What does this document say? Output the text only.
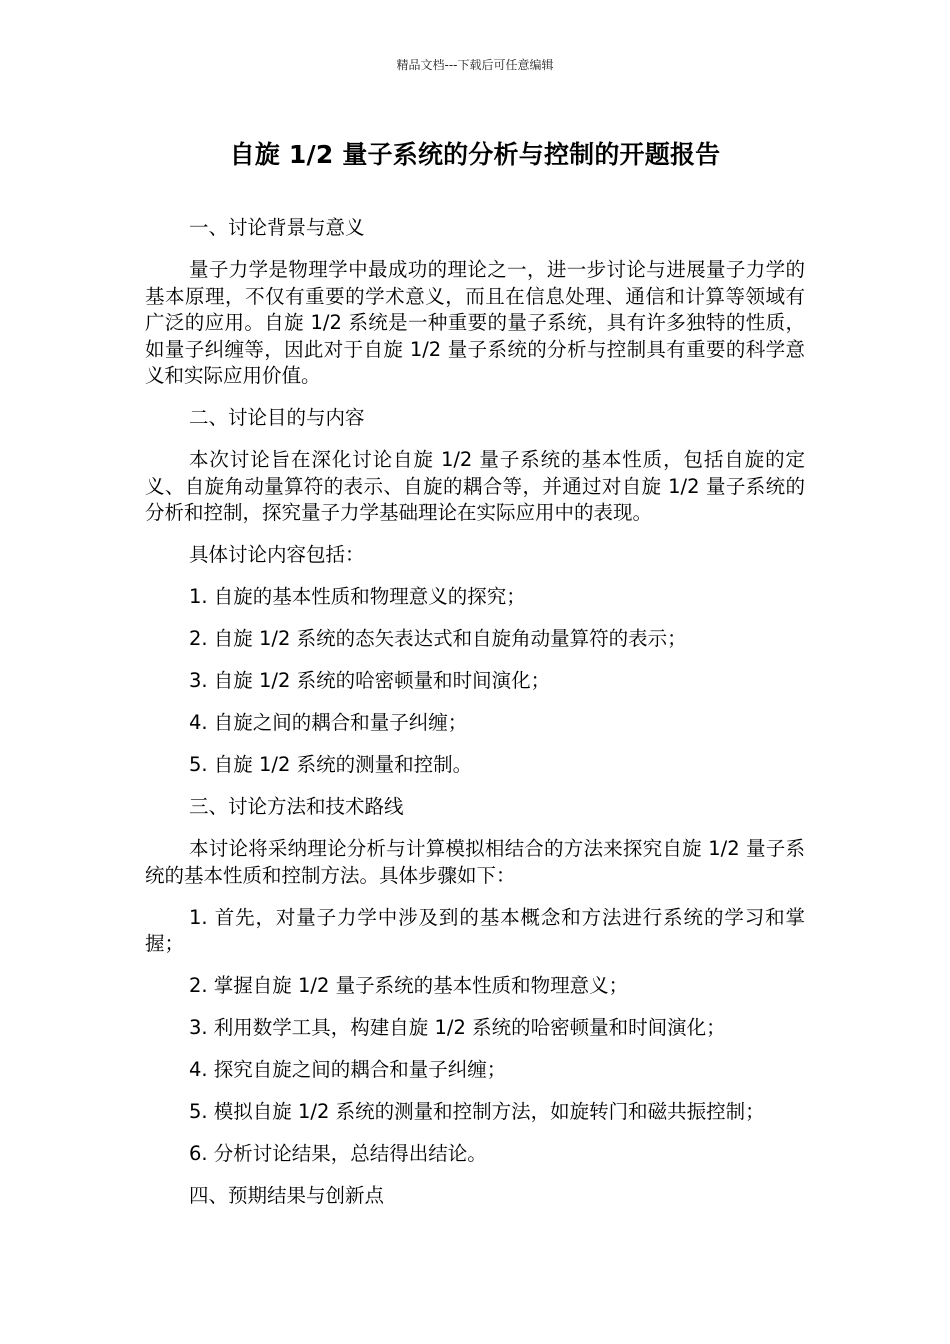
精品文档---下载后可任意编辑
自旋 1/2 量子系统的分析与控制的开题报告

一、讨论背景与意义

量子力学是物理学中最成功的理论之一，进一步讨论与进展量子力学的基本原理，不仅有重要的学术意义，而且在信息处理、通信和计算等领域有广泛的应用。自旋 1/2 系统是一种重要的量子系统，具有许多独特的性质，如量子纠缠等，因此对于自旋 1/2 量子系统的分析与控制具有重要的科学意义和实际应用价值。

二、讨论目的与内容

本次讨论旨在深化讨论自旋 1/2 量子系统的基本性质，包括自旋的定义、自旋角动量算符的表示、自旋的耦合等，并通过对自旋 1/2 量子系统的分析和控制，探究量子力学基础理论在实际应用中的表现。

具体讨论内容包括：

1. 自旋的基本性质和物理意义的探究；

2. 自旋 1/2 系统的态矢表达式和自旋角动量算符的表示；

3. 自旋 1/2 系统的哈密顿量和时间演化；

4. 自旋之间的耦合和量子纠缠；

5. 自旋 1/2 系统的测量和控制。

三、讨论方法和技术路线

本讨论将采纳理论分析与计算模拟相结合的方法来探究自旋 1/2 量子系统的基本性质和控制方法。具体步骤如下：

1. 首先，对量子力学中涉及到的基本概念和方法进行系统的学习和掌握；

2. 掌握自旋 1/2 量子系统的基本性质和物理意义；

3. 利用数学工具，构建自旋 1/2 系统的哈密顿量和时间演化；

4. 探究自旋之间的耦合和量子纠缠；

5. 模拟自旋 1/2 系统的测量和控制方法，如旋转门和磁共振控制；

6. 分析讨论结果，总结得出结论。

四、预期结果与创新点
